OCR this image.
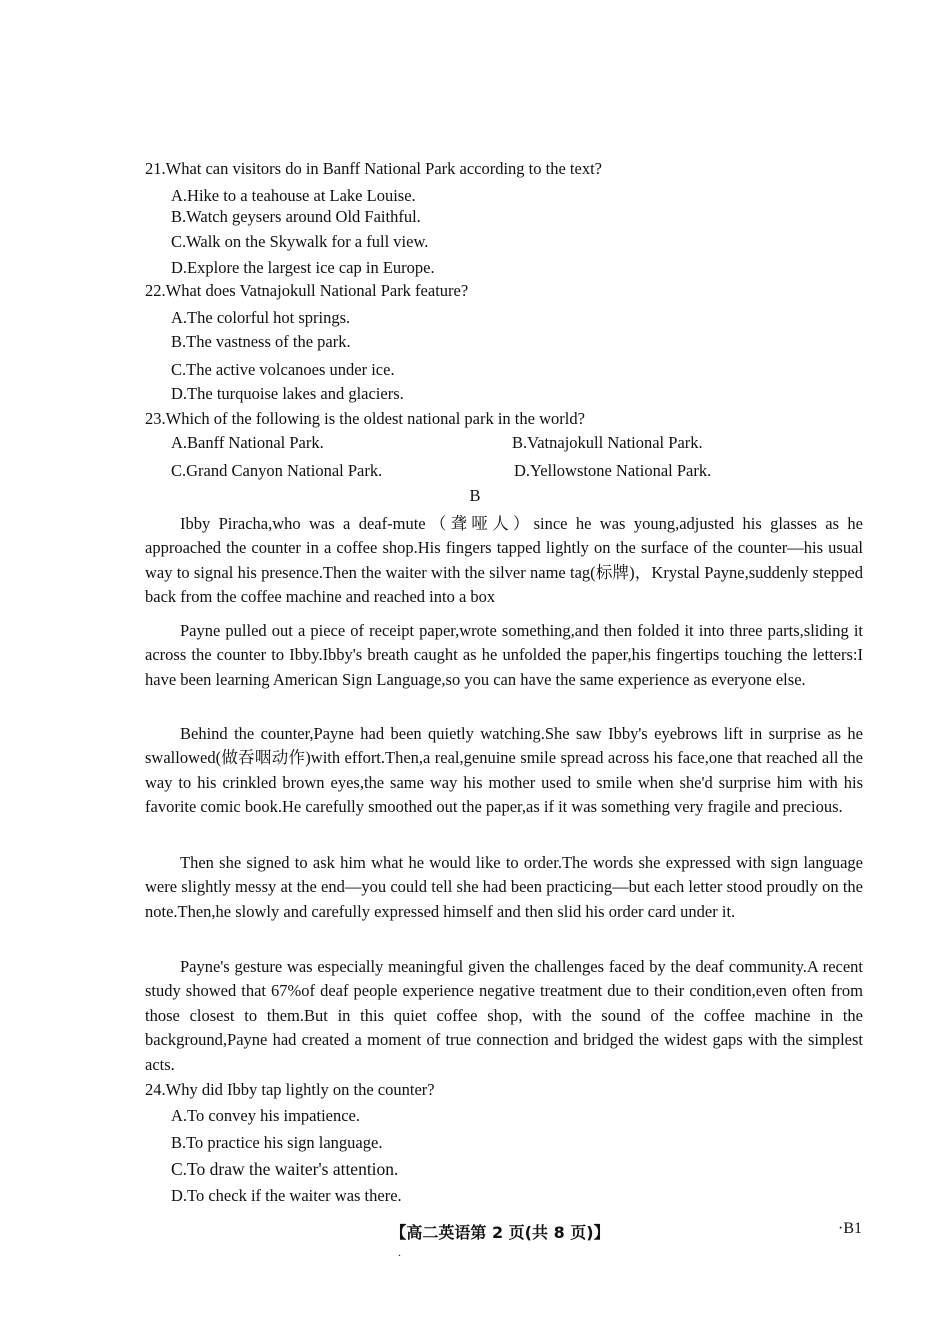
21.What can visitors do in Banff National Park according to the text?
A.Hike to a teahouse at Lake Louise.
B.Watch geysers around Old Faithful.
C.Walk on the Skywalk for a full view.
D.Explore the largest ice cap in Europe.
22.What does Vatnajokull National Park feature?
A.The colorful hot springs.
B.The vastness of the park.
C.The active volcanoes under ice.
D.The turquoise lakes and glaciers.
23.Which of the following is the oldest national park in the world?
A.Banff National Park.	B.Vatnajokull National Park.
C.Grand Canyon National Park.	D.Yellowstone National Park.
B
Ibby Piracha,who was a deaf-mute（聋哑人）since he was young,adjusted his glasses as he approached the counter in a coffee shop.His fingers tapped lightly on the surface of the counter—his usual way to signal his presence.Then the waiter with the silver name tag(标牌)，Krystal Payne,suddenly stepped back from the coffee machine and reached into a box
Payne pulled out a piece of receipt paper,wrote something,and then folded it into three parts,sliding it across the counter to Ibby.Ibby's breath caught as he unfolded the paper,his fingertips touching the letters:I have been learning American Sign Language,so you can have the same experience as everyone else.
Behind the counter,Payne had been quietly watching.She saw Ibby's eyebrows lift in surprise as he swallowed(做吞咽动作)with effort.Then,a real,genuine smile spread across his face,one that reached all the way to his crinkled brown eyes,the same way his mother used to smile when she'd surprise him with his favorite comic book.He carefully smoothed out the paper,as if it was something very fragile and precious.
Then she signed to ask him what he would like to order.The words she expressed with sign language were slightly messy at the end—you could tell she had been practicing—but each letter stood proudly on the note.Then,he slowly and carefully expressed himself and then slid his order card under it.
Payne's gesture was especially meaningful given the challenges faced by the deaf community.A recent study showed that 67%of deaf people experience negative treatment due to their condition,even often from those closest to them.But in this quiet coffee shop, with the sound of the coffee machine in the background,Payne had created a moment of true connection and bridged the widest gaps with the simplest acts.
24.Why did Ibby tap lightly on the counter?
A.To convey his impatience.
B.To practice his sign language.
C.To draw the waiter's attention.
D.To check if the waiter was there.
【高二英语第 2 页(共 8 页)】	·B1
.
